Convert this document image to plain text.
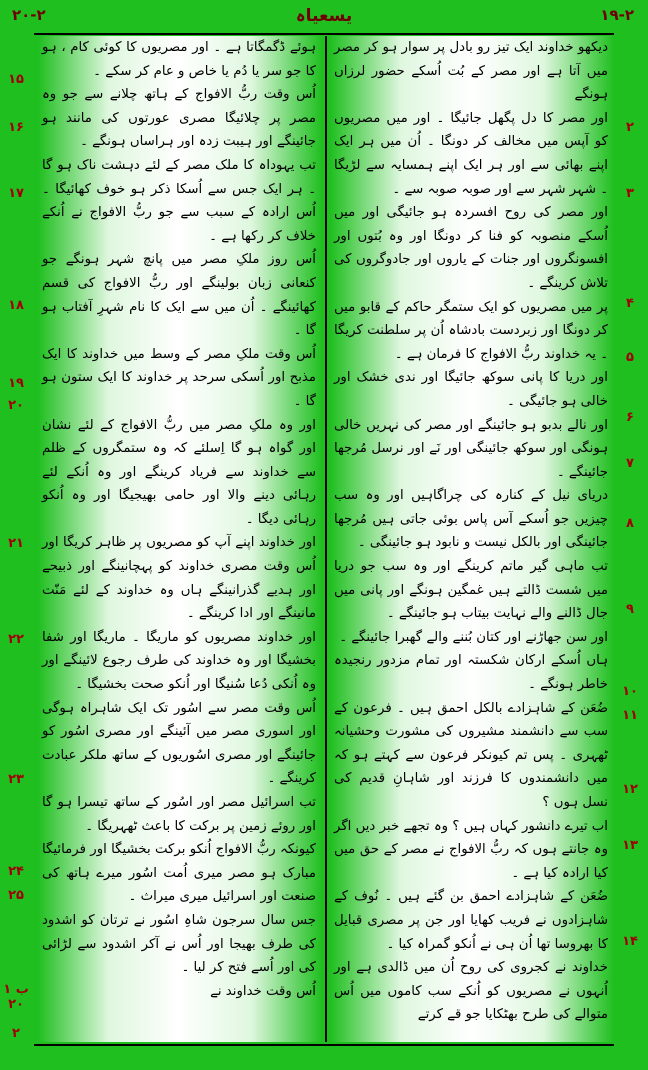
۲۰-۲	یسعیاہ	۱۹-۲
۲
۳
۴
۵
۶
۷
۸
۹
۱۰
۱۱
۱۲
۱۳
۱۴

دیکھو خداوند ایک تیز رو بادل پر سوار ہو کر مصر میں آتا ہے اور مصر کے بُت اُسکے حضور لرزاں ہونگے

اور مصر کا دل پگھل جائیگا ۔ اور میں مصریوں کو آپس میں مخالف کر دونگا ۔ اُن میں ہر ایک اپنے بھائی سے اور ہر ایک اپنے ہمسایہ سے لڑیگا ۔ شہر شہر سے اور صوبہ صوبہ سے ۔

اور مصر کی روح افسردہ ہو جائیگی اور میں اُسکے منصوبہ کو فنا کر دونگا اور وہ بُتوں اور افسونگروں اور جنات کے یاروں اور جادوگروں کی تلاش کرینگے ۔

پر میں مصریوں کو ایک ستمگر حاکم کے قابو میں کر دونگا اور زبردست بادشاہ اُن پر سلطنت کریگا ۔ یہ خداوند ربُّ الافواج کا فرمان ہے ۔

اور دریا کا پانی سوکھ جائیگا اور ندی خشک اور خالی ہو جائیگی ۔

اور نالے بدبو ہو جائینگے اور مصر کی نہریں خالی ہونگی اور سوکھ جائینگی اور نَے اور نرسل مُرجھا جائینگے ۔

دریای نیل کے کنارہ کی چراگاہیں اور وہ سب چیزیں جو اُسکے آس پاس بوئی جاتی ہیں مُرجھا جائینگی اور بالکل نیست و نابود ہو جائینگی ۔

تب ماہی گیر ماتم کرینگے اور وہ سب جو دریا میں شست ڈالتے ہیں غمگین ہونگے اور پانی میں جال ڈالنے والے نہایت بیتاب ہو جائینگے ۔

اور سن جھاڑنے اور کتان بُننے والے گھبرا جائینگے ۔

ہاں اُسکے ارکان شکستہ اور تمام مزدور رنجیدہ خاطر ہونگے ۔

ضُعَن کے شاہزادے بالکل احمق ہیں ۔ فرعون کے سب سے دانشمند مشیروں کی مشورت وحشیانہ ٹھہری ۔ پس تم کیونکر فرعون سے کہتے ہو کہ میں دانشمندوں کا فرزند اور شاہانِ قدیم کی نسل ہوں ؟

اب تیرے دانشور کہاں ہیں ؟ وہ تجھے خبر دیں اگر وہ جانتے ہوں کہ ربُّ الافواج نے مصر کے حق میں کیا ارادہ کیا ہے ۔

ضُعَن کے شاہزادے احمق بن گئے ہیں ۔ نُوف کے شاہزادوں نے فریب کھایا اور جن پر مصری قبایل کا بھروسا تھا اُن ہی نے اُنکو گمراہ کیا ۔

خداوند نے کجروی کی روح اُن میں ڈالدی ہے اور اُنہوں نے مصریوں کو اُنکے سب کاموں میں اُس متوالے کی طرح بھٹکایا جو قے کرتے

ہوئے ڈگمگاتا ہے ۔ اور مصریوں کا کوئی کام ، ہو کا جو سر یا دُم یا خاص و عام کر سکے ۔

اُس وقت ربُّ الافواج کے ہاتھ چلانے سے جو وہ مصر پر چلائیگا مصری عورتوں کی مانند ہو جائینگے اور ہیبت زدہ اور ہراساں ہونگے ۔

تب یہوداہ کا ملک مصر کے لئے دہشت ناک ہو گا ۔ ہر ایک جس سے اُسکا ذکر ہو خوف کھائیگا ۔ اُس ارادہ کے سبب سے جو ربُّ الافواج نے اُنکے خلاف کر رکھا ہے ۔

اُس روز ملکِ مصر میں پانچ شہر ہونگے جو کنعانی زبان بولینگے اور ربُّ الافواج کی قسم کھائینگے ۔ اُن میں سے ایک کا نام شہرِ آفتاب ہو گا ۔

اُس وقت ملکِ مصر کے وسط میں خداوند کا ایک مذبح اور اُسکی سرحد پر خداوند کا ایک ستون ہو گا ۔

اور وہ ملکِ مصر میں ربُّ الافواج کے لئے نشان اور گواہ ہو گا اِسلئے کہ وہ ستمگروں کے ظلم سے خداوند سے فریاد کرینگے اور وہ اُنکے لئے رہائی دینے والا اور حامی بھیجیگا اور وہ اُنکو رہائی دیگا ۔

اور خداوند اپنے آپ کو مصریوں پر ظاہر کریگا اور اُس وقت مصری خداوند کو پہچانینگے اور ذبیحے اور ہدیے گذرانینگے ہاں وہ خداوند کے لئے مَنّت مانینگے اور ادا کرینگے ۔

اور خداوند مصریوں کو ماریگا ۔ ماریگا اور شفا بخشیگا اور وہ خداوند کی طرف رجوع لائینگے اور وہ اُنکی دُعا سُنیگا اور اُنکو صحت بخشیگا ۔

اُس وقت مصر سے اسُور تک ایک شاہراہ ہوگی اور اسوری مصر میں آئینگے اور مصری اسُور کو جائینگے اور مصری اسُوریوں کے ساتھ ملکر عبادت کرینگے ۔

تب اسرائیل مصر اور اسُور کے ساتھ تیسرا ہو گا اور روئے زمین پر برکت کا باعث ٹھہریگا ۔

کیونکہ ربُّ الافواج اُنکو برکت بخشیگا اور فرمائیگا مبارک ہو مصر میری اُمت اسُور میرے ہاتھ کی صنعت اور اسرائیل میری میراث ۔

جس سال سرجون شاہِ اسُور نے ترتان کو اشدود کی طرف بھیجا اور اُس نے آکر اشدود سے لڑائی کی اور اُسے فتح کر لیا ۔

اُس وقت خداوند نے

۱۵
۱۶
۱۷
۱۸
۱۹
۲۰
۲۱
۲۲
۲۳
۲۴
۲۵
۱ ب ۲۰
۲
